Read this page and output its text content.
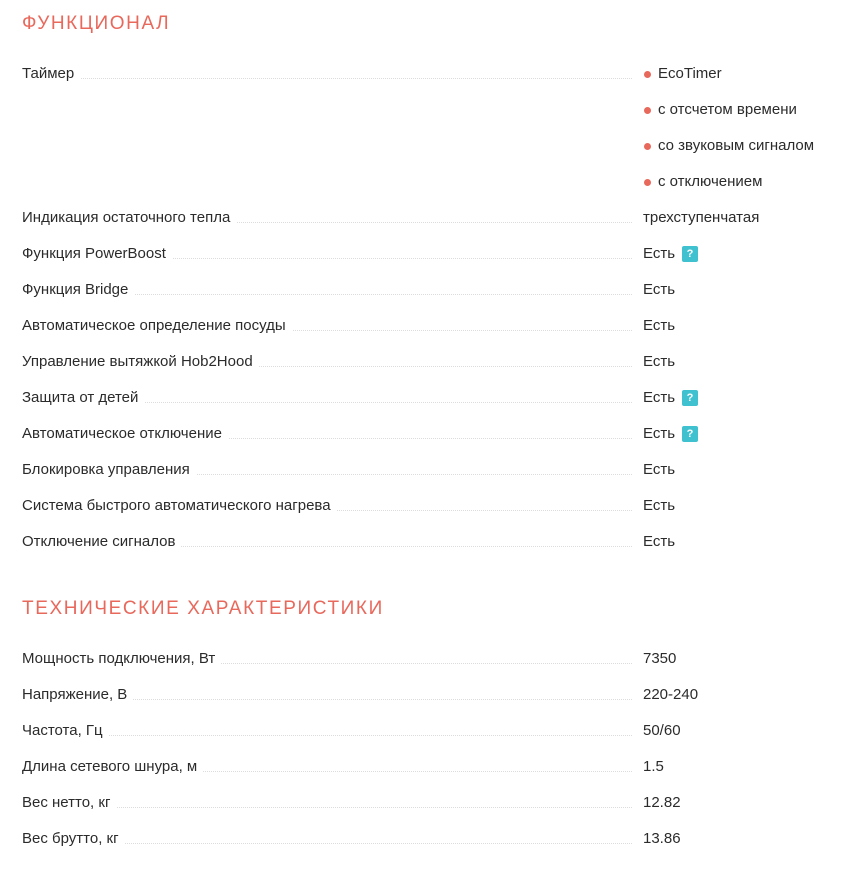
ФУНКЦИОНАЛ
Таймер	EcoTimer
с отсчетом времени
со звуковым сигналом
с отключением
Индикация остаточного тепла	трехступенчатая
Функция PowerBoost	Есть ?
Функция Bridge	Есть
Автоматическое определение посуды	Есть
Управление вытяжкой Hob2Hood	Есть
Защита от детей	Есть ?
Автоматическое отключение	Есть ?
Блокировка управления	Есть
Система быстрого автоматического нагрева	Есть
Отключение сигналов	Есть
ТЕХНИЧЕСКИЕ ХАРАКТЕРИСТИКИ
Мощность подключения, Вт	7350
Напряжение, В	220-240
Частота, Гц	50/60
Длина сетевого шнура, м	1.5
Вес нетто, кг	12.82
Вес брутто, кг	13.86
